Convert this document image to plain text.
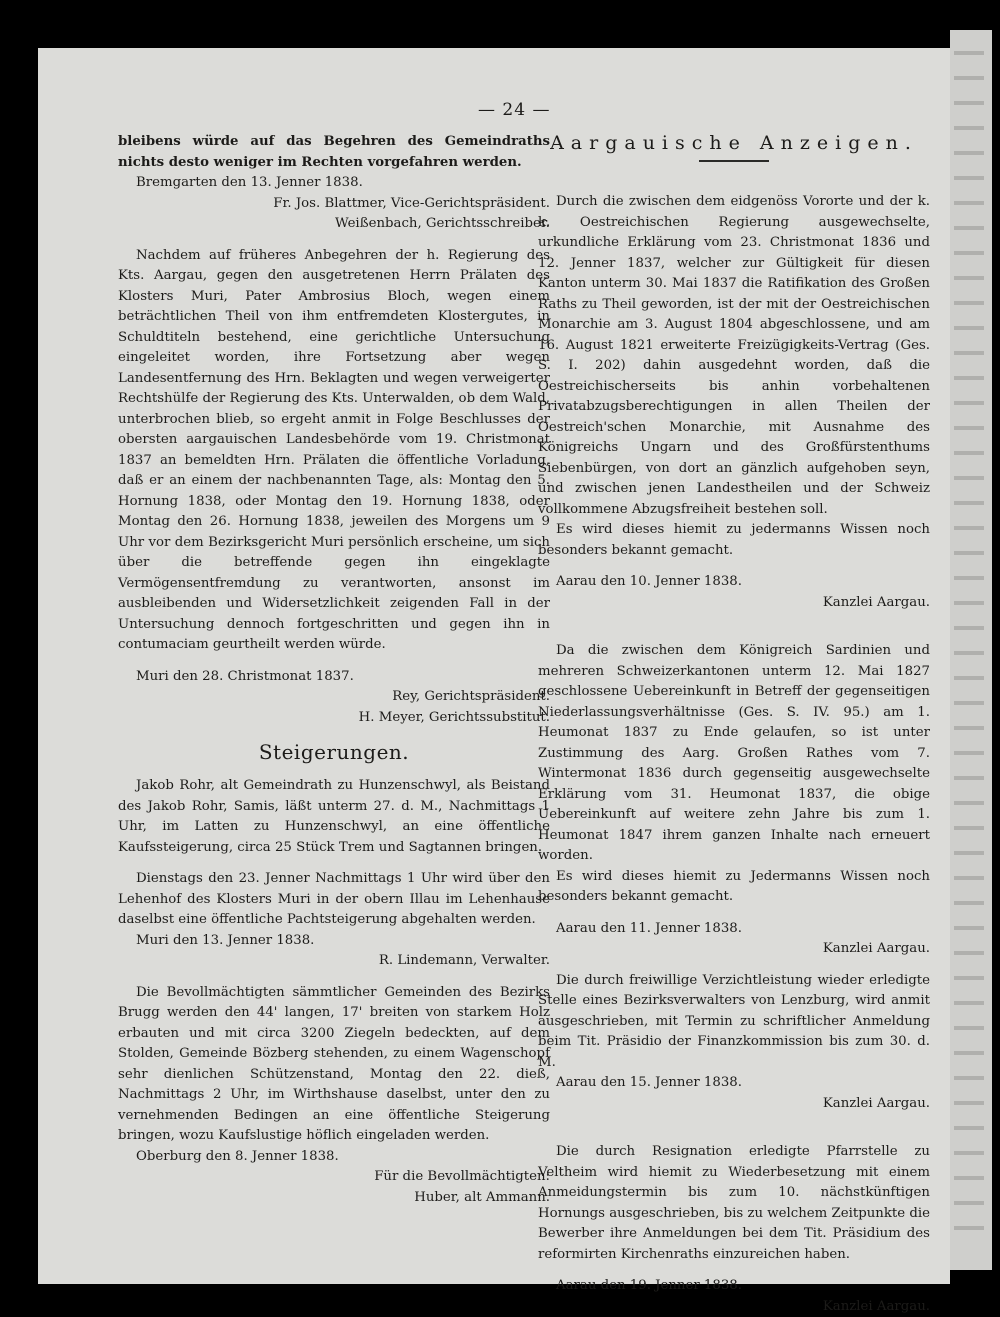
— 24 —

bleibens würde auf das Begehren des Gemeindraths nichts desto weniger im Rechten vorgefahren werden.

Bremgarten den 13. Jenner 1838.

Fr. Jos. Blattmer, Vice-Gerichtspräsident.

Weißenbach, Gerichtsschreiber.

Nachdem auf früheres Anbegehren der h. Regierung des Kts. Aargau, gegen den ausgetretenen Herrn Prälaten des Klosters Muri, Pater Ambrosius Bloch, wegen einem beträchtlichen Theil von ihm entfremdeten Klostergutes, in Schuldtiteln bestehend, eine gerichtliche Untersuchung eingeleitet worden, ihre Fortsetzung aber wegen Landesentfernung des Hrn. Beklagten und wegen verweigerter Rechtshülfe der Regierung des Kts. Unterwalden, ob dem Wald, unterbrochen blieb, so ergeht anmit in Folge Beschlusses der obersten aargauischen Landesbehörde vom 19. Christmonat 1837 an bemeldten Hrn. Prälaten die öffentliche Vorladung, daß er an einem der nachbenannten Tage, als: Montag den 5. Hornung 1838, oder Montag den 19. Hornung 1838, oder Montag den 26. Hornung 1838, jeweilen des Morgens um 9 Uhr vor dem Bezirksgericht Muri persönlich erscheine, um sich über die betreffende gegen ihn eingeklagte Vermögensentfremdung zu verantworten, ansonst im ausbleibenden und Widersetzlichkeit zeigenden Fall in der Untersuchung dennoch fortgeschritten und gegen ihn in contumaciam geurtheilt werden würde.

Muri den 28. Christmonat 1837.

Rey, Gerichtspräsident.

H. Meyer, Gerichtssubstitut.

Steigerungen.

Jakob Rohr, alt Gemeindrath zu Hunzenschwyl, als Beistand des Jakob Rohr, Samis, läßt unterm 27. d. M., Nachmittags 1 Uhr, im Latten zu Hunzenschwyl, an eine öffentliche Kaufssteigerung, circa 25 Stück Trem und Sagtannen bringen.

Dienstags den 23. Jenner Nachmittags 1 Uhr wird über den Lehenhof des Klosters Muri in der obern Illau im Lehenhause daselbst eine öffentliche Pachtsteigerung abgehalten werden.

Muri den 13. Jenner 1838.

R. Lindemann, Verwalter.

Die Bevollmächtigten sämmtlicher Gemeinden des Bezirks Brugg werden den 44' langen, 17' breiten von starkem Holz erbauten und mit circa 3200 Ziegeln bedeckten, auf dem Stolden, Gemeinde Bözberg stehenden, zu einem Wagenschopf sehr dienlichen Schützenstand, Montag den 22. dieß, Nachmittags 2 Uhr, im Wirthshause daselbst, unter den zu vernehmenden Bedingen an eine öffentliche Steigerung bringen, wozu Kaufslustige höflich eingeladen werden.

Oberburg den 8. Jenner 1838.

Für die Bevollmächtigten:

Huber, alt Ammann.

Aargauische Anzeigen.

Durch die zwischen dem eidgenöss Vororte und der k. k. Oestreichischen Regierung ausgewechselte, urkundliche Erklärung vom 23. Christmonat 1836 und 12. Jenner 1837, welcher zur Gültigkeit für diesen Kanton unterm 30. Mai 1837 die Ratifikation des Großen Raths zu Theil geworden, ist der mit der Oestreichischen Monarchie am 3. August 1804 abgeschlossene, und am 16. August 1821 erweiterte Freizügigkeits-Vertrag (Ges. S. I. 202) dahin ausgedehnt worden, daß die Oestreichischerseits bis anhin vorbehaltenen Privatabzugsberechtigungen in allen Theilen der Oestreich'schen Monarchie, mit Ausnahme des Königreichs Ungarn und des Großfürstenthums Siebenbürgen, von dort an gänzlich aufgehoben seyn, und zwischen jenen Landestheilen und der Schweiz vollkommene Abzugsfreiheit bestehen soll.

Es wird dieses hiemit zu jedermanns Wissen noch besonders bekannt gemacht.

Aarau den 10. Jenner 1838.

Kanzlei Aargau.

Da die zwischen dem Königreich Sardinien und mehreren Schweizerkantonen unterm 12. Mai 1827 geschlossene Uebereinkunft in Betreff der gegenseitigen Niederlassungsverhältnisse (Ges. S. IV. 95.) am 1. Heumonat 1837 zu Ende gelaufen, so ist unter Zustimmung des Aarg. Großen Rathes vom 7. Wintermonat 1836 durch gegenseitig ausgewechselte Erklärung vom 31. Heumonat 1837, die obige Uebereinkunft auf weitere zehn Jahre bis zum 1. Heumonat 1847 ihrem ganzen Inhalte nach erneuert worden.

Es wird dieses hiemit zu Jedermanns Wissen noch besonders bekannt gemacht.

Aarau den 11. Jenner 1838.

Kanzlei Aargau.

Die durch freiwillige Verzichtleistung wieder erledigte Stelle eines Bezirksverwalters von Lenzburg, wird anmit ausgeschrieben, mit Termin zu schriftlicher Anmeldung beim Tit. Präsidio der Finanzkommission bis zum 30. d. M.

Aarau den 15. Jenner 1838.

Kanzlei Aargau.

Die durch Resignation erledigte Pfarrstelle zu Veltheim wird hiemit zu Wiederbesetzung mit einem Anmeidungstermin bis zum 10. nächstkünftigen Hornungs ausgeschrieben, bis zu welchem Zeitpunkte die Bewerber ihre Anmeldungen bei dem Tit. Präsidium des reformirten Kirchenraths einzureichen haben.

Aarau den 19. Jenner 1838.

Kanzlei Aargau.
